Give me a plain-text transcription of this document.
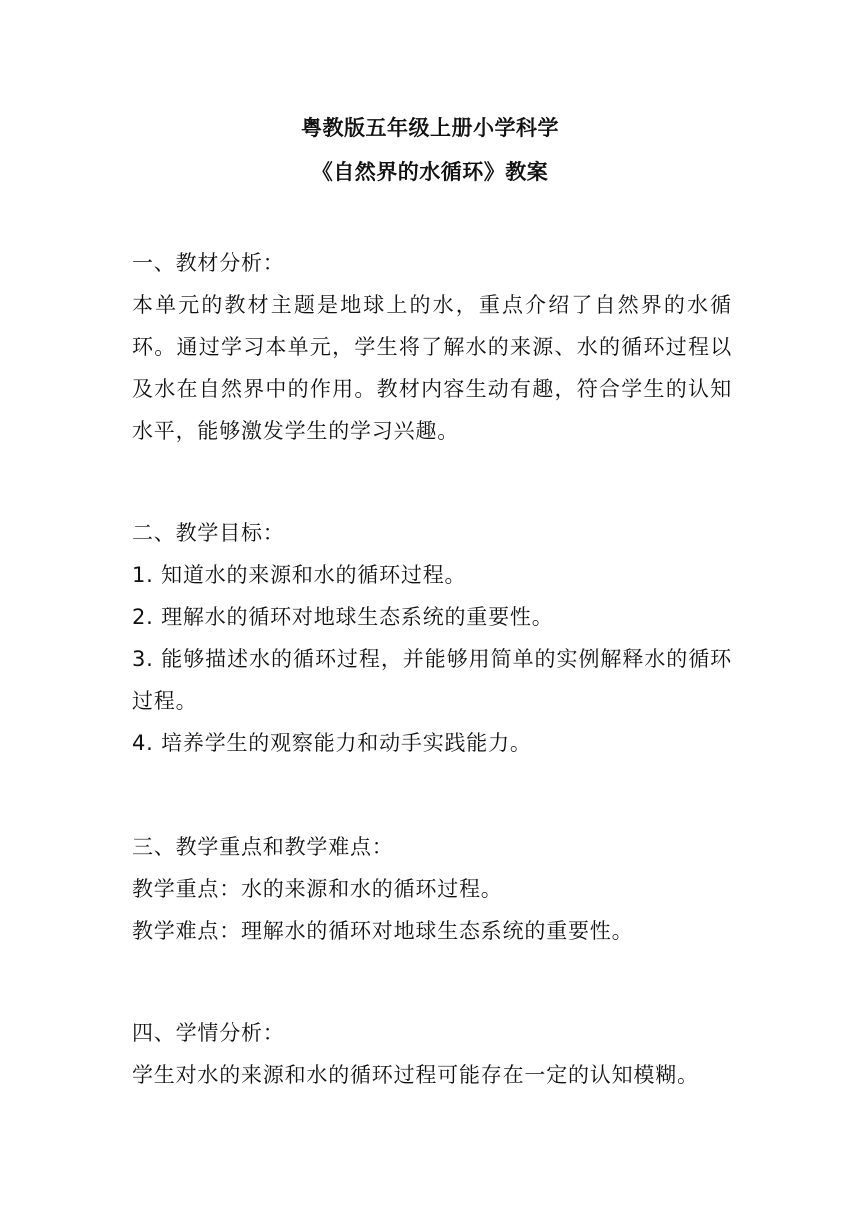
粤教版五年级上册小学科学
《自然界的水循环》教案

一、教材分析：

本单元的教材主题是地球上的水，重点介绍了自然界的水循环。通过学习本单元，学生将了解水的来源、水的循环过程以及水在自然界中的作用。教材内容生动有趣，符合学生的认知水平，能够激发学生的学习兴趣。

二、教学目标：

1. 知道水的来源和水的循环过程。

2. 理解水的循环对地球生态系统的重要性。

3. 能够描述水的循环过程，并能够用简单的实例解释水的循环过程。

4. 培养学生的观察能力和动手实践能力。

三、教学重点和教学难点：

教学重点：水的来源和水的循环过程。

教学难点：理解水的循环对地球生态系统的重要性。

四、学情分析：

学生对水的来源和水的循环过程可能存在一定的认知模糊。
